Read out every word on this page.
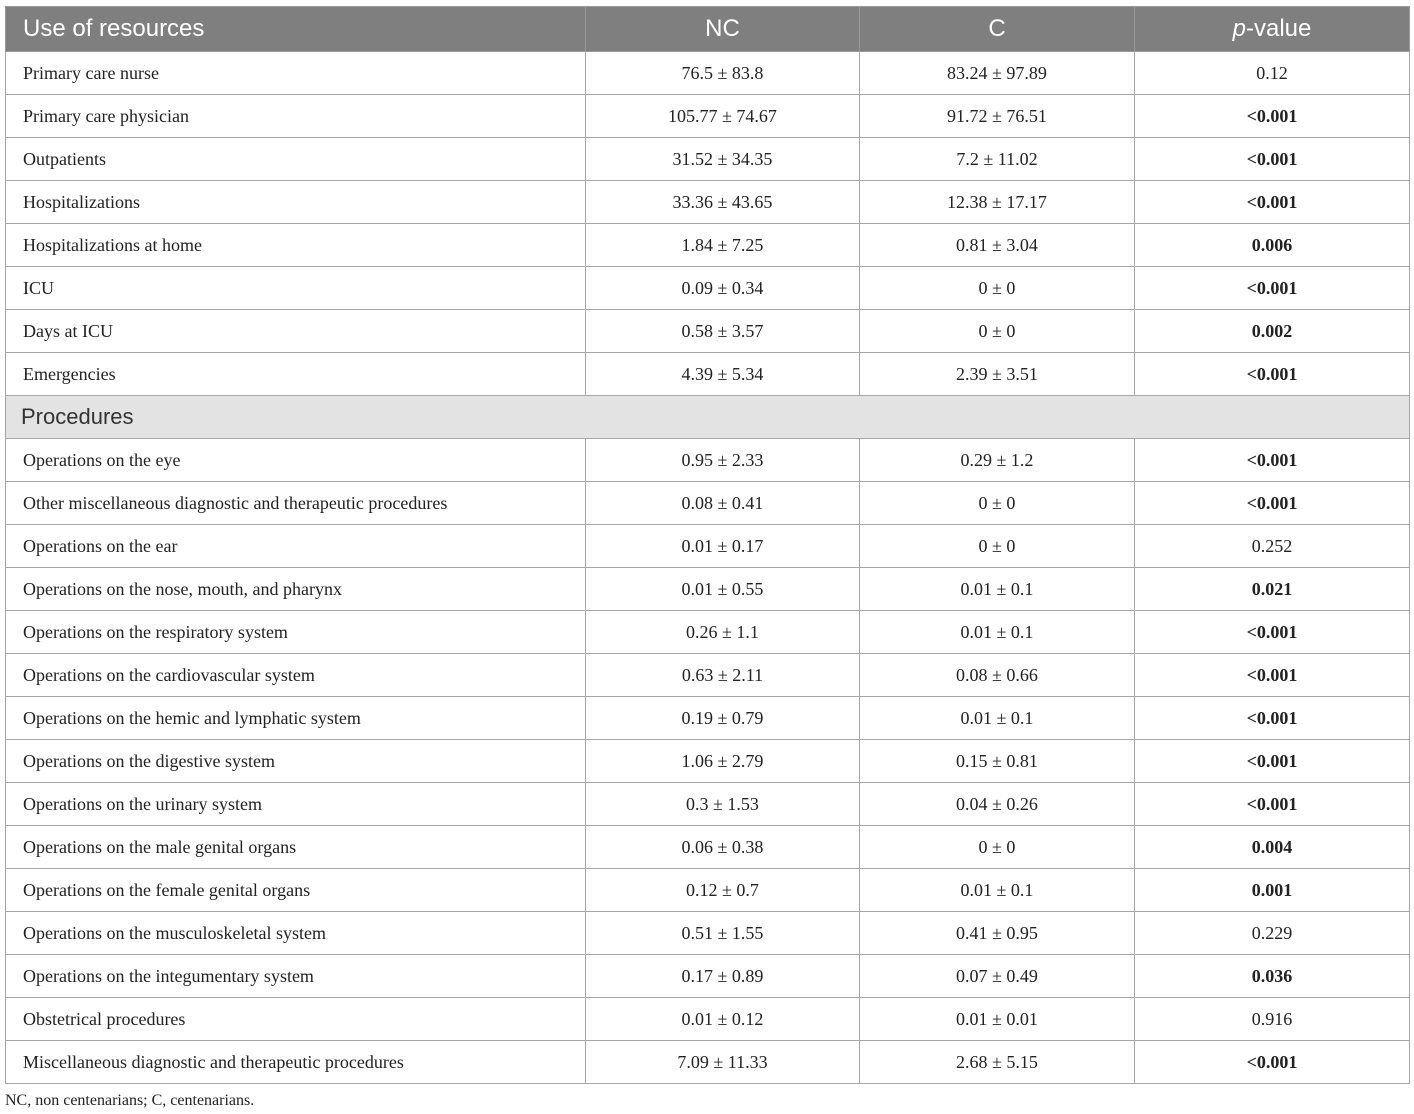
Use of resources	NC	C	p-value
Primary care nurse	76.5 ± 83.8	83.24 ± 97.89	0.12
Primary care physician	105.77 ± 74.67	91.72 ± 76.51	<0.001
Outpatients	31.52 ± 34.35	7.2 ± 11.02	<0.001
Hospitalizations	33.36 ± 43.65	12.38 ± 17.17	<0.001
Hospitalizations at home	1.84 ± 7.25	0.81 ± 3.04	0.006
ICU	0.09 ± 0.34	0 ± 0	<0.001
Days at ICU	0.58 ± 3.57	0 ± 0	0.002
Emergencies	4.39 ± 5.34	2.39 ± 3.51	<0.001
Procedures			
Operations on the eye	0.95 ± 2.33	0.29 ± 1.2	<0.001
Other miscellaneous diagnostic and therapeutic procedures	0.08 ± 0.41	0 ± 0	<0.001
Operations on the ear	0.01 ± 0.17	0 ± 0	0.252
Operations on the nose, mouth, and pharynx	0.01 ± 0.55	0.01 ± 0.1	0.021
Operations on the respiratory system	0.26 ± 1.1	0.01 ± 0.1	<0.001
Operations on the cardiovascular system	0.63 ± 2.11	0.08 ± 0.66	<0.001
Operations on the hemic and lymphatic system	0.19 ± 0.79	0.01 ± 0.1	<0.001
Operations on the digestive system	1.06 ± 2.79	0.15 ± 0.81	<0.001
Operations on the urinary system	0.3 ± 1.53	0.04 ± 0.26	<0.001
Operations on the male genital organs	0.06 ± 0.38	0 ± 0	0.004
Operations on the female genital organs	0.12 ± 0.7	0.01 ± 0.1	0.001
Operations on the musculoskeletal system	0.51 ± 1.55	0.41 ± 0.95	0.229
Operations on the integumentary system	0.17 ± 0.89	0.07 ± 0.49	0.036
Obstetrical procedures	0.01 ± 0.12	0.01 ± 0.01	0.916
Miscellaneous diagnostic and therapeutic procedures	7.09 ± 11.33	2.68 ± 5.15	<0.001
NC, non centenarians; C, centenarians.
